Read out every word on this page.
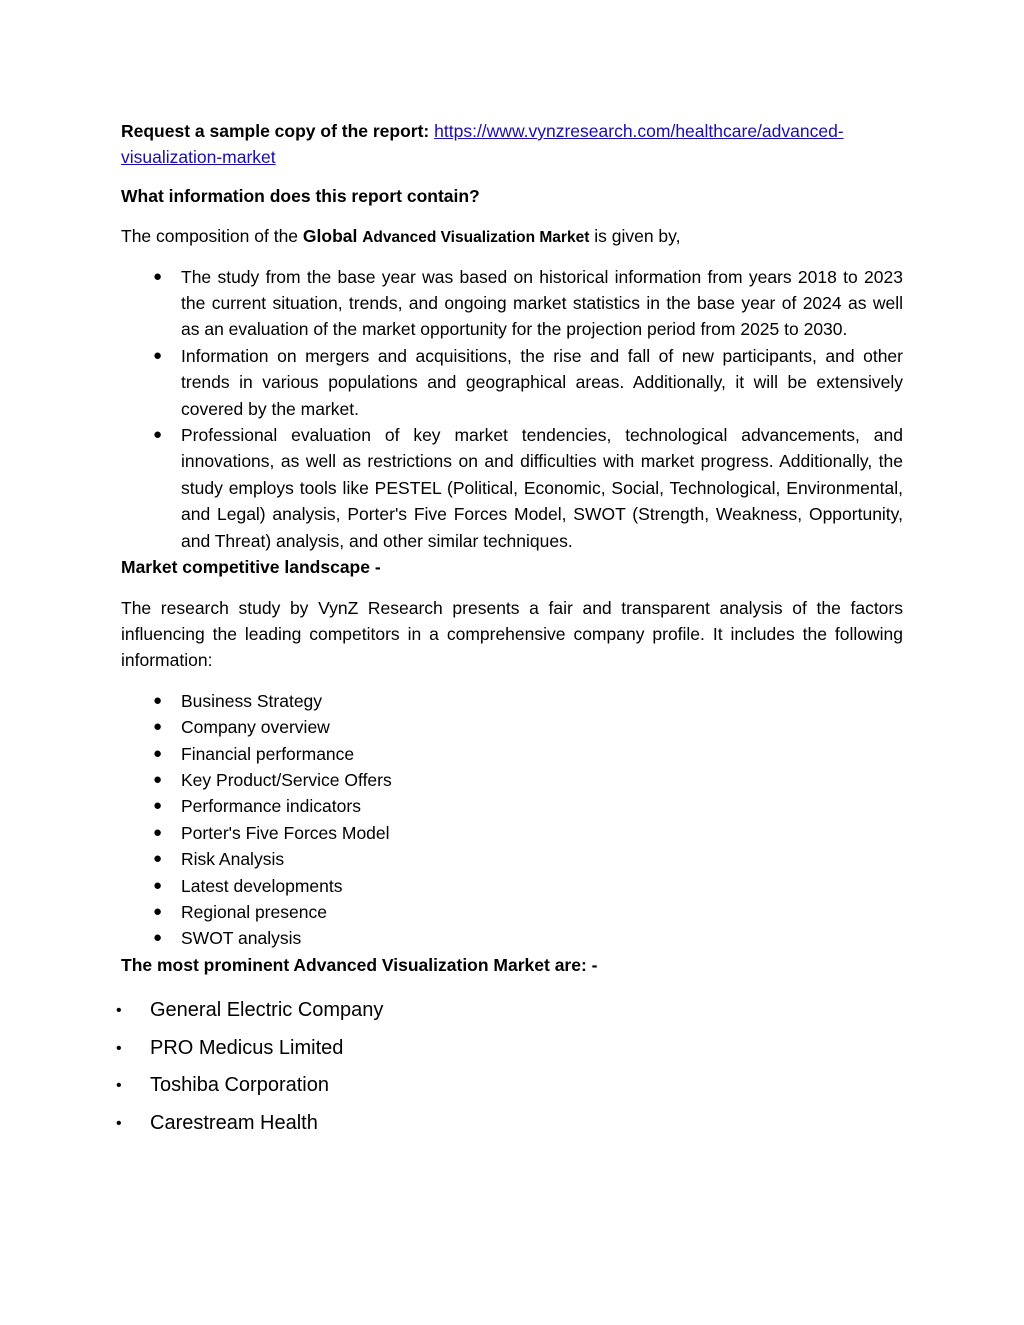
Request a sample copy of the report: https://www.vynzresearch.com/healthcare/advanced-visualization-market

What information does this report contain?

The composition of the Global Advanced Visualization Market is given by,

● The study from the base year was based on historical information from years 2018 to 2023 the current situation, trends, and ongoing market statistics in the base year of 2024 as well as an evaluation of the market opportunity for the projection period from 2025 to 2030.
● Information on mergers and acquisitions, the rise and fall of new participants, and other trends in various populations and geographical areas. Additionally, it will be extensively covered by the market.
● Professional evaluation of key market tendencies, technological advancements, and innovations, as well as restrictions on and difficulties with market progress. Additionally, the study employs tools like PESTEL (Political, Economic, Social, Technological, Environmental, and Legal) analysis, Porter's Five Forces Model, SWOT (Strength, Weakness, Opportunity, and Threat) analysis, and other similar techniques.

Market competitive landscape -

The research study by VynZ Research presents a fair and transparent analysis of the factors influencing the leading competitors in a comprehensive company profile. It includes the following information:

● Business Strategy
● Company overview
● Financial performance
● Key Product/Service Offers
● Performance indicators
● Porter's Five Forces Model
● Risk Analysis
● Latest developments
● Regional presence
● SWOT analysis

The most prominent Advanced Visualization Market are: -

• General Electric Company
• PRO Medicus Limited
• Toshiba Corporation
• Carestream Health
